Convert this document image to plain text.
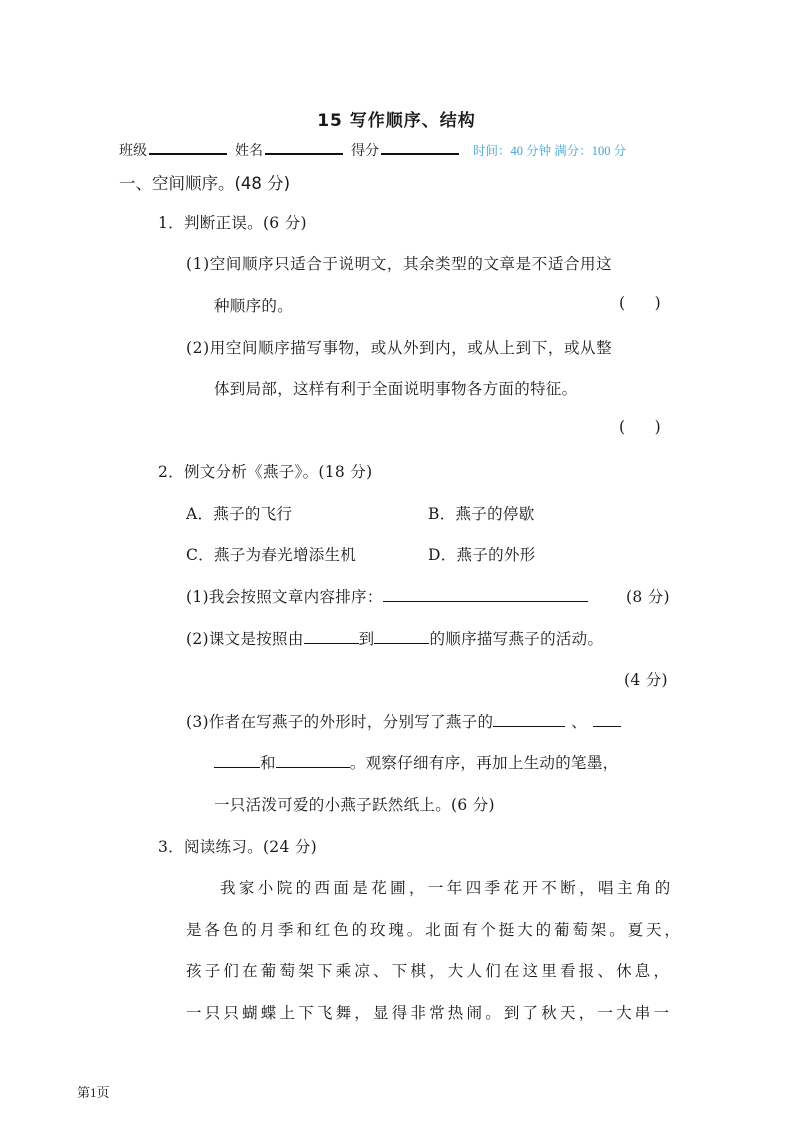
15 写作顺序、结构
班级	姓名	得分	时间：40 分钟 满分：100 分
一、空间顺序。(48 分)
1．判断正误。(6 分)
(1)空间顺序只适合于说明文，其余类型的文章是不适合用这
种顺序的。	(      )
(2)用空间顺序描写事物，或从外到内，或从上到下，或从整
体到局部，这样有利于全面说明事物各方面的特征。
(      )
2．例文分析《燕子》。(18 分)
A．燕子的飞行	B．燕子的停歇
C．燕子为春光增添生机	D．燕子的外形
(1)我会按照文章内容排序：	(8 分)
(2)课文是按照由	到	的顺序描写燕子的活动。
(4 分)
(3)作者在写燕子的外形时，分别写了燕子的	、
和	。观察仔细有序，再加上生动的笔墨，
一只活泼可爱的小燕子跃然纸上。(6 分)
3．阅读练习。(24 分)
我家小院的西面是花圃，一年四季花开不断，唱主角的
是各色的月季和红色的玫瑰。北面有个挺大的葡萄架。夏天，
孩子们在葡萄架下乘凉、下棋，大人们在这里看报、休息，
一只只蝴蝶上下飞舞，显得非常热闹。到了秋天，一大串一
第1页
